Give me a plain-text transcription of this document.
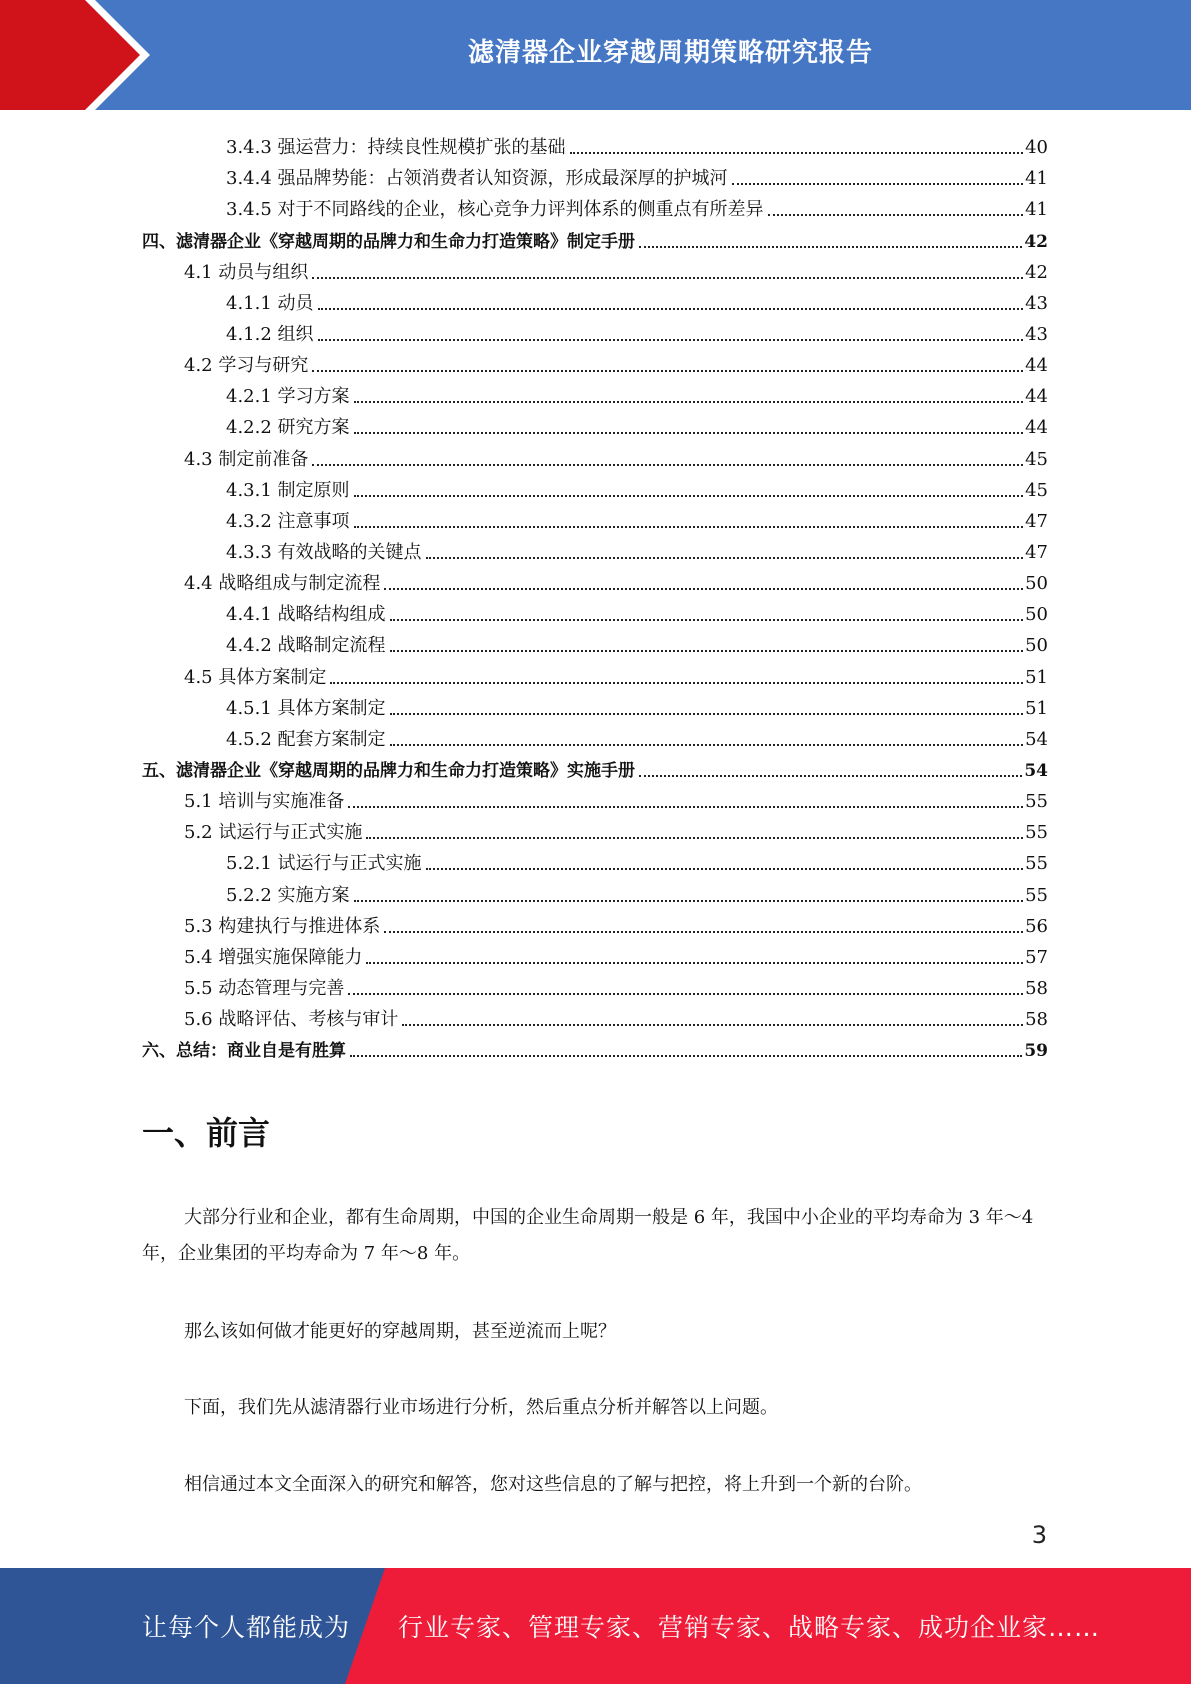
滤清器企业穿越周期策略研究报告
3.4.3 强运营力：持续良性规模扩张的基础	40
3.4.4 强品牌势能：占领消费者认知资源，形成最深厚的护城河	41
3.4.5 对于不同路线的企业，核心竞争力评判体系的侧重点有所差异	41
四、滤清器企业《穿越周期的品牌力和生命力打造策略》制定手册	42
4.1 动员与组织	42
4.1.1 动员	43
4.1.2 组织	43
4.2 学习与研究	44
4.2.1 学习方案	44
4.2.2 研究方案	44
4.3 制定前准备	45
4.3.1 制定原则	45
4.3.2 注意事项	47
4.3.3 有效战略的关键点	47
4.4 战略组成与制定流程	50
4.4.1 战略结构组成	50
4.4.2 战略制定流程	50
4.5 具体方案制定	51
4.5.1 具体方案制定	51
4.5.2 配套方案制定	54
五、滤清器企业《穿越周期的品牌力和生命力打造策略》实施手册	54
5.1 培训与实施准备	55
5.2 试运行与正式实施	55
5.2.1 试运行与正式实施	55
5.2.2 实施方案	55
5.3 构建执行与推进体系	56
5.4 增强实施保障能力	57
5.5 动态管理与完善	58
5.6 战略评估、考核与审计	58
六、总结：商业自是有胜算	59
一、前言
大部分行业和企业，都有生命周期，中国的企业生命周期一般是 6 年，我国中小企业的平均寿命为 3 年～4 年，企业集团的平均寿命为 7 年～8 年。
那么该如何做才能更好的穿越周期，甚至逆流而上呢？
下面，我们先从滤清器行业市场进行分析，然后重点分析并解答以上问题。
相信通过本文全面深入的研究和解答，您对这些信息的了解与把控，将上升到一个新的台阶。
3
让每个人都能成为 行业专家、管理专家、营销专家、战略专家、成功企业家……
